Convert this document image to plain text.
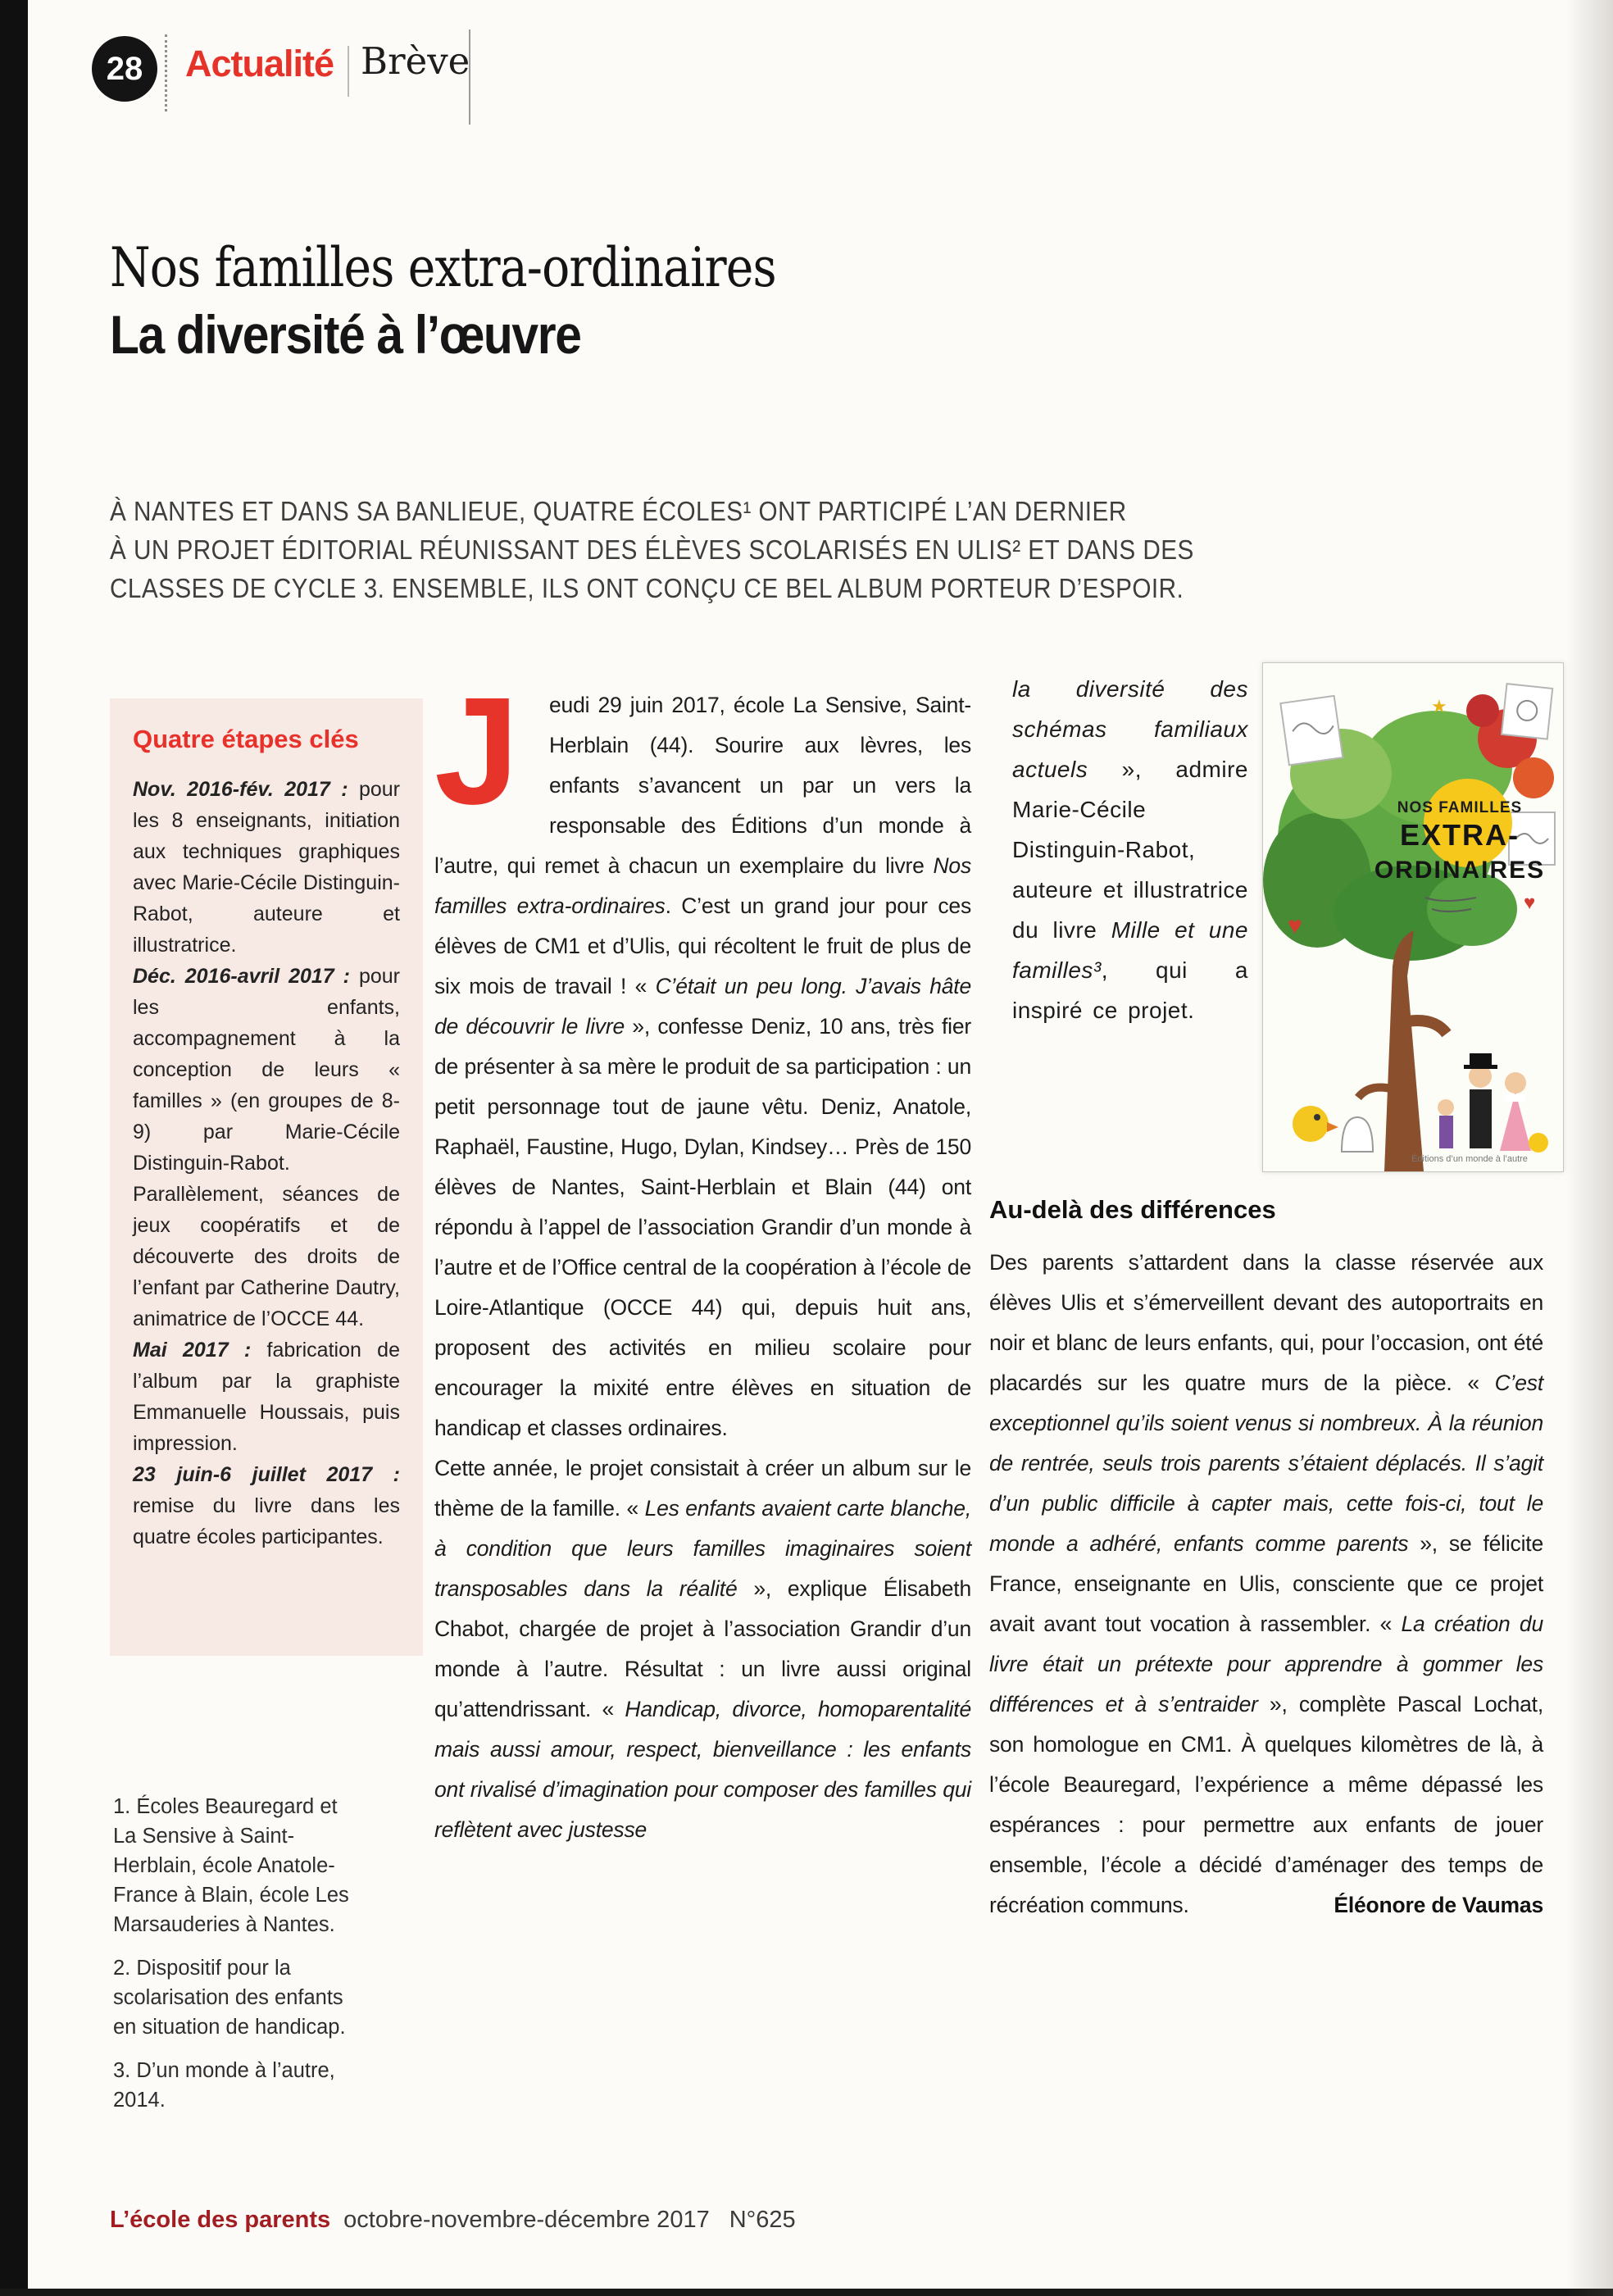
28 Actualité Brève
Nos familles extra-ordinaires
La diversité à l’œuvre
À NANTES ET DANS SA BANLIEUE, QUATRE ÉCOLES¹ ONT PARTICIPÉ L’AN DERNIER
À UN PROJET ÉDITORIAL RÉUNISSANT DES ÉLÈVES SCOLARISÉS EN ULIS² ET DANS DES
CLASSES DE CYCLE 3. ENSEMBLE, ILS ONT CONÇU CE BEL ALBUM PORTEUR D’ESPOIR.
Quatre étapes clés

Nov. 2016-fév. 2017 : pour les 8 enseignants, initiation aux techniques graphiques avec Marie-Cécile Distinguin-Rabot, auteure et illustratrice.

Déc. 2016-avril 2017 : pour les enfants, accompagnement à la conception de leurs « familles » (en groupes de 8-9) par Marie-Cécile Distinguin-Rabot. Parallèlement, séances de jeux coopératifs et de découverte des droits de l’enfant par Catherine Dautry, animatrice de l’OCCE 44.

Mai 2017 : fabrication de l’album par la graphiste Emmanuelle Houssais, puis impression.

23 juin-6 juillet 2017 : remise du livre dans les quatre écoles participantes.

1. Écoles Beauregard et La Sensive à Saint-Herblain, école Anatole-France à Blain, école Les Marsauderies à Nantes.

2. Dispositif pour la scolarisation des enfants en situation de handicap.

3. D’un monde à l’autre, 2014.

J	eudi 29 juin 2017, école La Sensive, Saint-Herblain (44). Sourire aux lèvres, les enfants s’avancent un par un vers la responsable des Éditions d’un monde à l’autre, qui remet à chacun un exemplaire du livre Nos familles extra-ordinaires. C’est un grand jour pour ces élèves de CM1 et d’Ulis, qui récoltent le fruit de plus de six mois de travail ! « C’était un peu long. J’avais hâte de découvrir le livre », confesse Deniz, 10 ans, très fier de présenter à sa mère le produit de sa participation : un petit personnage tout de jaune vêtu. Deniz, Anatole, Raphaël, Faustine, Hugo, Dylan, Kindsey… Près de 150 élèves de Nantes, Saint-Herblain et Blain (44) ont répondu à l’appel de l’association Grandir d’un monde à l’autre et de l’Office central de la coopération à l’école de Loire-Atlantique (OCCE 44) qui, depuis huit ans, proposent des activités en milieu scolaire pour encourager la mixité entre élèves en situation de handicap et classes ordinaires.

Cette année, le projet consistait à créer un album sur le thème de la famille. « Les enfants avaient carte blanche, à condition que leurs familles imaginaires soient transposables dans la réalité », explique Élisabeth Chabot, chargée de projet à l’association Grandir d’un monde à l’autre. Résultat : un livre aussi original qu’attendrissant. « Handicap, divorce, homoparentalité mais aussi amour, respect, bienveillance : les enfants ont rivalisé d’imagination pour composer des familles qui reflètent avec justesse

la diversité des schémas familiaux actuels », admire Marie-Cécile Distinguin-Rabot, auteure et illustratrice du livre Mille et une familles³, qui a inspiré ce projet.
♥
♥
★
NOS FAMILLES
EXTRA-
ORDINAIRES
Éditions d’un monde à l’autre
Au-delà des différences

Des parents s’attardent dans la classe réservée aux élèves Ulis et s’émerveillent devant des autoportraits en noir et blanc de leurs enfants, qui, pour l’occasion, ont été placardés sur les quatre murs de la pièce. « C’est exceptionnel qu’ils soient venus si nombreux. À la réunion de rentrée, seuls trois parents s’étaient déplacés. Il s’agit d’un public difficile à capter mais, cette fois-ci, tout le monde a adhéré, enfants comme parents », se félicite France, enseignante en Ulis, consciente que ce projet avait avant tout vocation à rassembler. « La création du livre était un prétexte pour apprendre à gommer les différences et à s’entraider », complète Pascal Lochat, son homologue en CM1. À quelques kilomètres de là, à l’école Beauregard, l’expérience a même dépassé les espérances : pour permettre aux enfants de jouer ensemble, l’école a décidé d’aménager des temps de récréation communs.	Éléonore de Vaumas
L’école des parents octobre-novembre-décembre 2017 N°625
